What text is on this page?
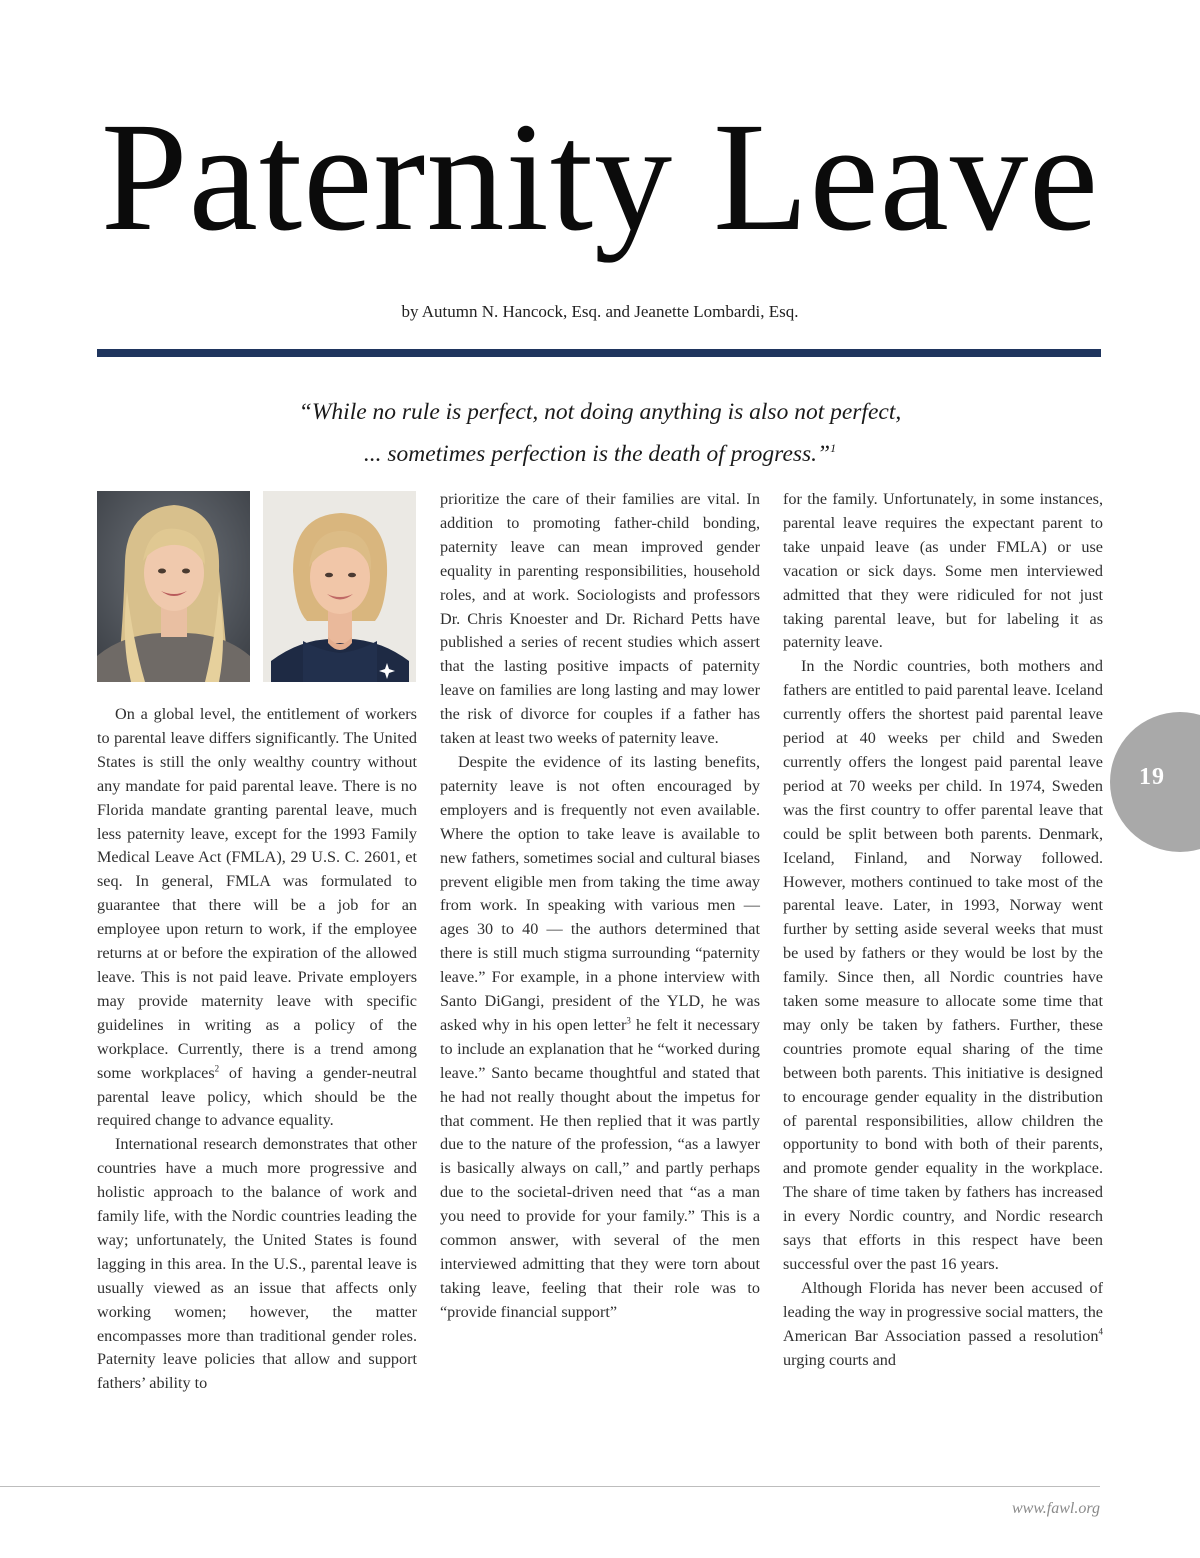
Paternity Leave
by Autumn N. Hancock, Esq. and Jeanette Lombardi, Esq.
“While no rule is perfect, not doing anything is also not perfect,
... sometimes perfection is the death of progress.”$^1$

On a global level, the entitlement of workers to parental leave differs significantly. The United States is still the only wealthy country without any mandate for paid parental leave. There is no Florida mandate granting parental leave, much less paternity leave, except for the 1993 Family Medical Leave Act (FMLA), 29 U.S. C. 2601, et seq. In general, FMLA was formulated to guarantee that there will be a job for an employee upon return to work, if the employee returns at or before the expiration of the allowed leave. This is not paid leave. Private employers may provide maternity leave with specific guidelines in writing as a policy of the workplace. Currently, there is a trend among some workplaces$^2$ of having a gender-neutral parental leave policy, which should be the required change to advance equality.

International research demonstrates that other countries have a much more progressive and holistic approach to the balance of work and family life, with the Nordic countries leading the way; unfortunately, the United States is found lagging in this area. In the U.S., parental leave is usually viewed as an issue that affects only working women; however, the matter encompasses more than traditional gender roles. Paternity leave policies that allow and support fathers’ ability to

prioritize the care of their families are vital. In addition to promoting father-child bonding, paternity leave can mean improved gender equality in parenting responsibilities, household roles, and at work. Sociologists and professors Dr. Chris Knoester and Dr. Richard Petts have published a series of recent studies which assert that the lasting positive impacts of paternity leave on families are long lasting and may lower the risk of divorce for couples if a father has taken at least two weeks of paternity leave.

Despite the evidence of its lasting benefits, paternity leave is not often encouraged by employers and is frequently not even available. Where the option to take leave is available to new fathers, sometimes social and cultural biases prevent eligible men from taking the time away from work. In speaking with various men — ages 30 to 40 — the authors determined that there is still much stigma surrounding “paternity leave.” For example, in a phone interview with Santo DiGangi, president of the YLD, he was asked why in his open letter$^3$ he felt it necessary to include an explanation that he “worked during leave.” Santo became thoughtful and stated that he had not really thought about the impetus for that comment. He then replied that it was partly due to the nature of the profession, “as a lawyer is basically always on call,” and partly perhaps due to the societal-driven need that “as a man you need to provide for your family.” This is a common answer, with several of the men interviewed admitting that they were torn about taking leave, feeling that their role was to “provide financial support”

for the family. Unfortunately, in some instances, parental leave requires the expectant parent to take unpaid leave (as under FMLA) or use vacation or sick days. Some men interviewed admitted that they were ridiculed for not just taking parental leave, but for labeling it as paternity leave.

In the Nordic countries, both mothers and fathers are entitled to paid parental leave. Iceland currently offers the shortest paid parental leave period at 40 weeks per child and Sweden currently offers the longest paid parental leave period at 70 weeks per child. In 1974, Sweden was the first country to offer parental leave that could be split between both parents. Denmark, Iceland, Finland, and Norway followed. However, mothers continued to take most of the parental leave. Later, in 1993, Norway went further by setting aside several weeks that must be used by fathers or they would be lost by the family. Since then, all Nordic countries have taken some measure to allocate some time that may only be taken by fathers. Further, these countries promote equal sharing of the time between both parents. This initiative is designed to encourage gender equality in the distribution of parental responsibilities, allow children the opportunity to bond with both of their parents, and promote gender equality in the workplace. The share of time taken by fathers has increased in every Nordic country, and Nordic research says that efforts in this respect have been successful over the past 16 years.

Although Florida has never been accused of leading the way in progressive social matters, the American Bar Association passed a resolution$^4$ urging courts and

19
www.fawl.org
